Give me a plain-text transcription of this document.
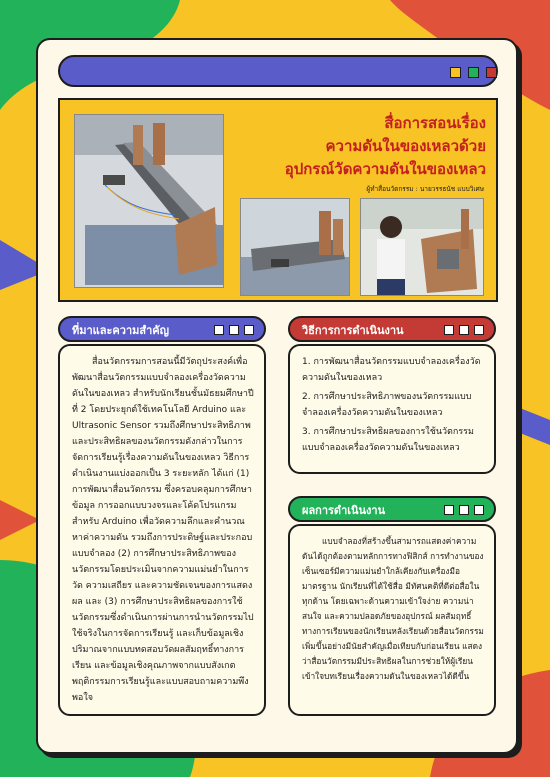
สื่อการสอนเรื่อง
ความดันในของเหลวด้วย
อุปกรณ์วัดความดันในของเหลว
ผู้ทำสื่อนวัตกรรม : นายวรรธนัช แบบวิเศษ
ที่มาและความสำคัญ

สื่อนวัตกรรมการสอนนี้มีวัตถุประสงค์เพื่อพัฒนาสื่อนวัตกรรมแบบจำลองเครื่องวัดความดันในของเหลว สำหรับนักเรียนชั้นมัธยมศึกษาปีที่ 2 โดยประยุกต์ใช้เทคโนโลยี Arduino และ Ultrasonic Sensor รวมถึงศึกษาประสิทธิภาพและประสิทธิผลของนวัตกรรมดังกล่าวในการจัดการเรียนรู้เรื่องความดันในของเหลว วิธีการดำเนินงานแบ่งออกเป็น 3 ระยะหลัก ได้แก่ (1) การพัฒนาสื่อนวัตกรรม ซึ่งครอบคลุมการศึกษาข้อมูล การออกแบบวงจรและโค้ดโปรแกรมสำหรับ Arduino เพื่อวัดความลึกและคำนวณหาค่าความดัน รวมถึงการประดิษฐ์และประกอบแบบจำลอง (2) การศึกษาประสิทธิภาพของนวัตกรรมโดยประเมินจากความแม่นยำในการวัด ความเสถียร และความชัดเจนของการแสดงผล และ (3) การศึกษาประสิทธิผลของการใช้นวัตกรรมซึ่งดำเนินการผ่านการนำนวัตกรรมไปใช้จริงในการจัดการเรียนรู้ และเก็บข้อมูลเชิงปริมาณจากแบบทดสอบวัดผลสัมฤทธิ์ทางการเรียน และข้อมูลเชิงคุณภาพจากแบบสังเกตพฤติกรรมการเรียนรู้และแบบสอบถามความพึงพอใจ

วิธีการการดำเนินงาน
1. การพัฒนาสื่อนวัตกรรมแบบจำลองเครื่องวัดความดันในของเหลว
2. การศึกษาประสิทธิภาพของนวัตกรรมแบบจำลองเครื่องวัดความดันในของเหลว
3. การศึกษาประสิทธิผลของการใช้นวัตกรรมแบบจำลองเครื่องวัดความดันในของเหลว
ผลการดำเนินงาน

แบบจำลองที่สร้างขึ้นสามารถแสดงค่าความดันได้ถูกต้องตามหลักการทางฟิสิกส์ การทำงานของเซ็นเซอร์มีความแม่นยำใกล้เคียงกับเครื่องมือมาตรฐาน นักเรียนที่ได้ใช้สื่อ มีทัศนคติที่ดีต่อสื่อในทุกด้าน โดยเฉพาะด้านความเข้าใจง่าย ความน่าสนใจ และความปลอดภัยของอุปกรณ์ ผลสัมฤทธิ์ทางการเรียนของนักเรียนหลังเรียนด้วยสื่อนวัตกรรมเพิ่มขึ้นอย่างมีนัยสำคัญเมื่อเทียบกับก่อนเรียน แสดงว่าสื่อนวัตกรรมมีประสิทธิผลในการช่วยให้ผู้เรียนเข้าใจบทเรียนเรื่องความดันในของเหลวได้ดีขึ้น
